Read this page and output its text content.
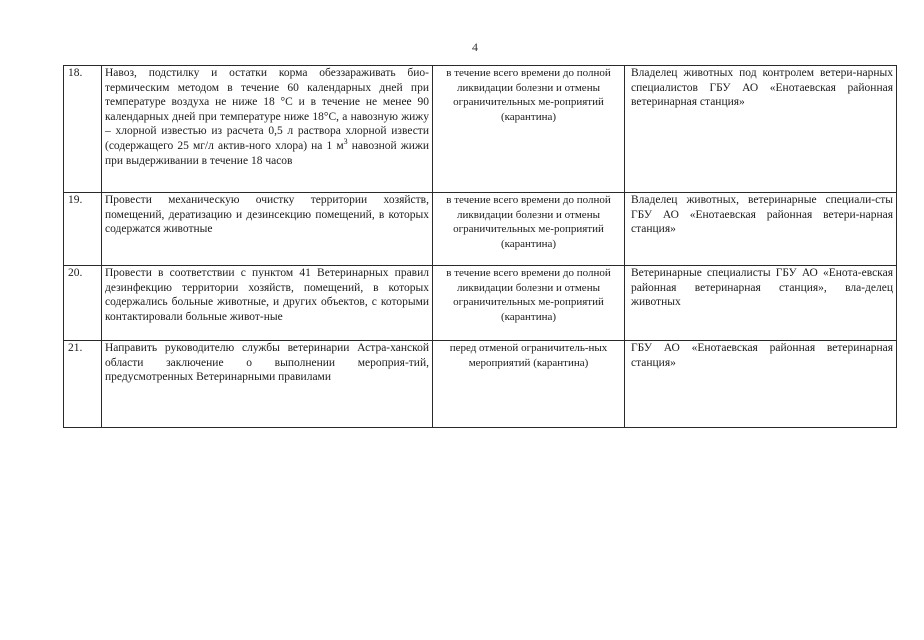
4
18.	Навоз, подстилку и остатки корма обеззараживать био-термическим методом в течение 60 календарных дней при температуре воздуха не ниже 18 °С и в течение не менее 90 календарных дней при температуре ниже 18°С, а навозную жижу – хлорной известью из расчета 0,5 л раствора хлорной извести (содержащего 25 мг/л актив-ного хлора) на 1 $м^3$ навозной жижи при выдерживании в течение 18 часов	в течение всего времени до полной ликвидации болезни и отмены ограничительных ме-роприятий (карантина)	Владелец животных под контролем ветери-нарных специалистов ГБУ АО «Енотаевская районная ветеринарная станция»
19.	Провести механическую очистку территории хозяйств, помещений, дератизацию и дезинсекцию помещений, в которых содержатся животные	в течение всего времени до полной ликвидации болезни и отмены ограничительных ме-роприятий (карантина)	Владелец животных, ветеринарные специали-сты ГБУ АО «Енотаевская районная ветери-нарная станция»
20.	Провести в соответствии с пунктом 41 Ветеринарных правил дезинфекцию территории хозяйств, помещений, в которых содержались больные животные, и других объектов, с которыми контактировали больные живот-ные	в течение всего времени до полной ликвидации болезни и отмены ограничительных ме-роприятий (карантина)	Ветеринарные специалисты ГБУ АО «Енота-евская районная ветеринарная станция», вла-делец животных
21.	Направить руководителю службы ветеринарии Астра-ханской области заключение о выполнении мероприя-тий, предусмотренных Ветеринарными правилами	перед отменой ограничитель-ных мероприятий (карантина)	ГБУ АО «Енотаевская районная ветеринарная станция»
